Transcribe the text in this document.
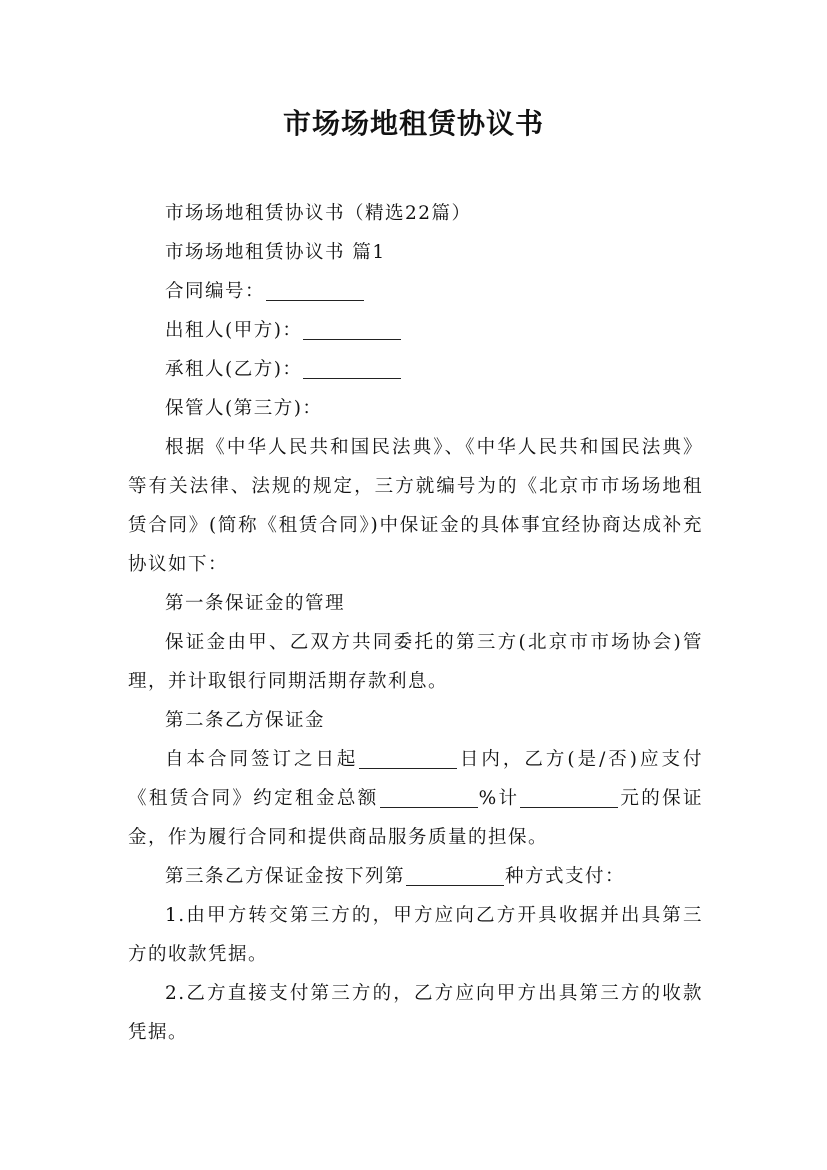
市场场地租赁协议书

市场场地租赁协议书（精选22篇）

市场场地租赁协议书 篇1

合同编号：

出租人(甲方)：

承租人(乙方)：

保管人(第三方)：

根据《中华人民共和国民法典》、《中华人民共和国民法典》等有关法律、法规的规定，三方就编号为的《北京市市场场地租赁合同》(简称《租赁合同》)中保证金的具体事宜经协商达成补充协议如下：

第一条保证金的管理

保证金由甲、乙双方共同委托的第三方(北京市市场协会)管理，并计取银行同期活期存款利息。

第二条乙方保证金

自本合同签订之日起	日内，乙方(是/否)应支付《租赁合同》约定租金总额	%计	元的保证金，作为履行合同和提供商品服务质量的担保。

第三条乙方保证金按下列第	种方式支付：

1.由甲方转交第三方的，甲方应向乙方开具收据并出具第三方的收款凭据。

2.乙方直接支付第三方的，乙方应向甲方出具第三方的收款凭据。
